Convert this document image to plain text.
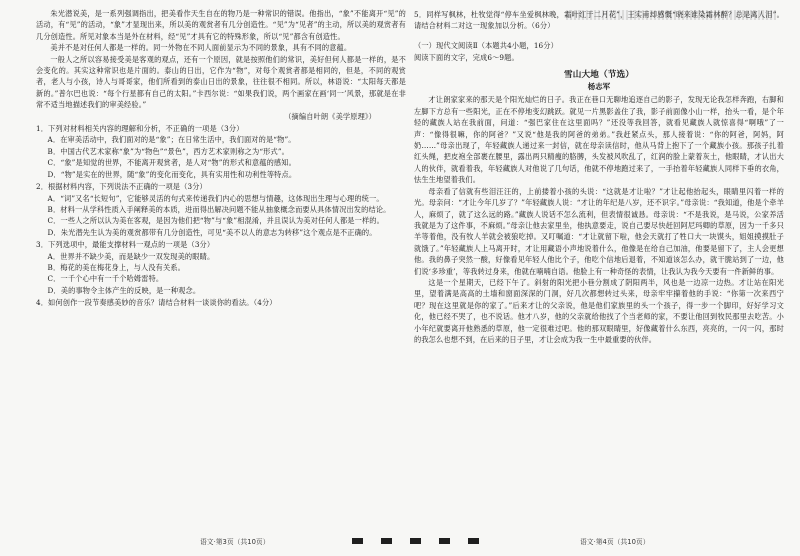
朱光潜说美，是一系列强调指出，把美看作天生自在的物乃是一种常识的错误。他指出，“象”不能离开“见”的活动，有“见”的活动，“象”才显现出来，所以美的观赏者有几分创造性。“见”为“见者”的主动，所以美的观赏者有几分创造性。所见对象本当是外在材料，经“见”才具有它的特殊形象，所以“见”都含有创造性。

美并不是对任何人都是一样的。同一外物在不同人面前显示为不同的景象，具有不同的意蕴。

一般人之所以容易接受美是客观的观点，还有一个原因，就是按照他们的常识，美好但何人都是一样的，是不会变化的。其实这种常识也是片面的。泰山的日出，它作为“物”，对每个观赏者都是相同的，但是，不同的观赏者，老人与小孩，诗人与哥哥家，他们所看到的泰山日出的景象，往往很不相同。所以，林语说：“太阳每天都是新的。”普尔巴也说：“每个行星都有自己的太阳。”卡西尔说：“如果我们说，两个画家在画‘同一’风景，那就是在非常不适当地描述我们的审美经验。”

（摘编自叶朗《美学原理》）

1．下列对材料相关内容的理解和分析，不正确的一项是（3分）

A．在审美活动中，我们面对的是“象”；在日常生活中，我们面对的是“物”。

B．中国古代艺术家称“象”为“物色”“景色”，西方艺术家则称之为“形式”。

C．“象”是知觉的世界，不能离开观赏者，是人对“物”的形式和意蕴的感知。

D．“物”是实在的世界，随“象”的变化而变化，具有实用性和功利性等特点。

2．根据材料内容，下列说法不正确的一项是（3分）

A．“词”又名“长短句”，它能够灵活的句式来传递我们内心的思想与情趣，这体现出生理与心理的统一。

B．材料一从学科性质入手阐释美的本质，进而得出解决问题不能从抽象概念而要从具体情况出发的结论。

C．一些人之所以认为美在客观，是因为他们把“物”与“象”相混淆，并且误认为美对任何人都是一样的。

D．朱光潜先生认为美的观赏都带有几分创造性，可见“美不以人的意志为转移”这个观点是不正确的。

3．下列选项中，最能支撑材料一观点的一项是（3分）

A．世界并不缺少美，而是缺少一双发现美的眼睛。

B．梅花的美在梅花身上，与人没有关系。

C．一千个心中有一千个哈姆雷特。

D．美的事物令主体产生的反映，是一种观念。

4．如何创作一段节奏感美妙的音乐？请结合材料一谈谈你的看法。（4分）

5．同样写枫林，杜牧觉得“停车坐爱枫林晚，霜叶红于二月花”，王实甫却感慨“晓来谁染霜林醉？总是离人泪”。请结合材料二对这一现象加以分析。（6分）

（一）现代文阅读Ⅱ（本题共4小题，16分）

阅读下面的文字，完成6～9题。

雪山大地（节选）

杨志军

才让朗家家来的那天是个阳光灿烂的日子。我正在巷口无聊地追逐自己的影子，发现无论我怎样奔跑，右脚和左脚下方总有一些阳光，正在不停地变幻跳跃。就见一片黑影盖住了我，影子前面像小山一样，抬头一看，是个年轻的藏族人站在我前面，问道：“强巴家住在这里面吗？”还没等我回答，就看见藏族人就惊喜得“啊哦”了一声：“像得很嘛，你的阿爸？”又说“他是我的阿爸的弟弟。”我赶紧点头，那人接着说：“你的阿爸，阿妈，阿奶……”母亲出现了，年轻藏族人递过来一封信，就在母亲读信时，他从马背上抱下了一个藏族小孩。那孩子扎着红头绳，把皮袍全部裹在腰里，露出两只精瘦的胳膊，头发被风吹乱了，红润的脸上蒙着灰土，他眼睛，才认出大人的伙伴，就看着我，年轻藏族人对他说了几句话，他就不停地跑过来了，一手抬着年轻藏族人同样下垂的衣角，怯生生地望着我们。

母亲看了信就有些泪汪汪的，上前搂着小孩的头说：“这就是才让啦？”才让起他抬起头，眼睛里闪着一样的光。母亲问：“才让今年几岁了？”年轻藏族人说：“才让的年纪是八岁，还不识字。”母亲说：“我知道，他是个牵羊人，麻烦了，就了这么远的路。”藏族人说话不怎么流利，但表情很诚恳。母亲说：“不是我说，是马说，公家养活我就是为了这件事，不麻烦。”母亲让他去家里坐，他执意要走，说自己要尽快赶回阿尼玛卿的草原，因为一千多只羊等着他，没有牧人羊就会被狼吃掉。又叮嘱道：“才让就留下啦，他会天就打了牲口大一块馍头，姐姐摸摸肚子就饿了。”年轻藏族人上马离开时，才让用藏语小声地说着什么，他像是在给自己加油，他要是留下了，主人会更想他。我的鼻子突然一酸，好像看见年轻人他比个子，他吃个信地后退着，不知道该怎么办，就干脆站到了一边，他们说‘多珍重’，等我转过身来，他就在喃喃自语。他脸上有一种奇怪的表情，让我认为我今天要有一件新鲜的事。

这是一个星期天，已经下午了。斜射的阳光把小巷分割成了阴阳两半，风也是一边凉一边热。才让站在阳光里，望着满是高高的土墙和窗面深深的门洞，好几次都想转过头来，母亲牢牢攥着他的手说：“你第一次来西宁吧？现在这里就是你的家了。”后来才让的父亲说，他是他们家族里的头一个孩子，得一步一个脚印，好好学习文化，他已经不哭了，也不说话。他才八岁，他的父亲就给他找了个当老师的家，不要让他回到牧民那里去吃苦。小小年纪就要离开他熟悉的草原，他一定很难过吧。他的那双眼睛里，好像藏着什么东西，亮亮的，一闪一闪，那时的我怎么也想不到，在后来的日子里，才让会成为我一生中最重要的伙伴。

语文·第3页（共10页）	语文·第4页（共10页）
